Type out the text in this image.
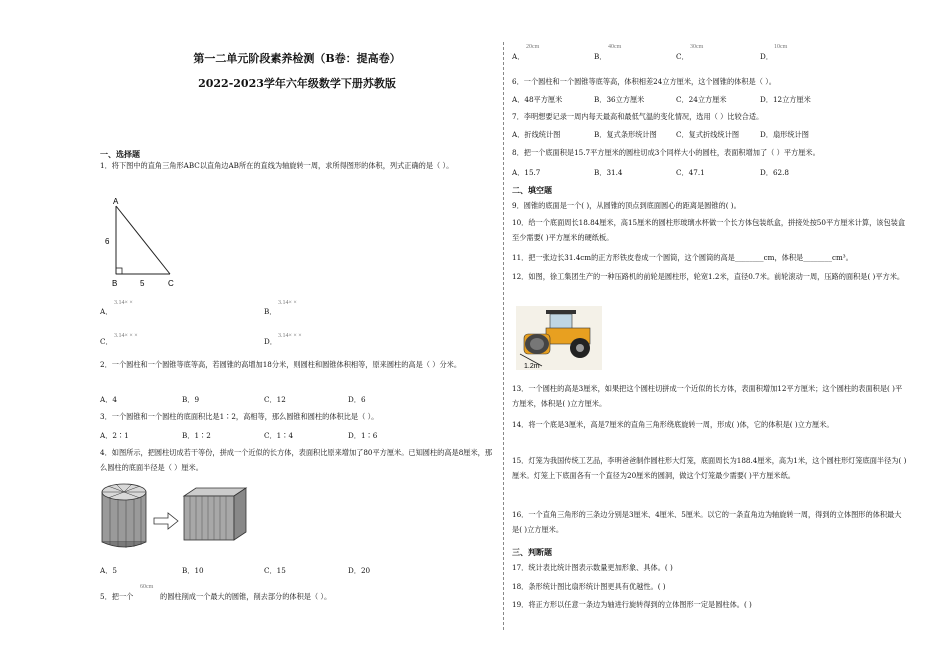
第一二单元阶段素养检测（B卷：提高卷）
2022-2023学年六年级数学下册苏教版
一、选择题
1．将下图中的直角三角形ABC以直角边AB所在的直线为轴旋转一周，求所得图形的体积，列式正确的是（ ）。
A
B	C
6
5
A．
3.14× ×
B．
3.14× ×
C．
3.14× × ×
D．
3.14× × ×
2．一个圆柱和一个圆锥等底等高，若圆锥的高增加18分米，则圆柱和圆锥体积相等，原来圆柱的高是（ ）分米。
A．4	B．9	C．12	D．6
3．一个圆锥和一个圆柱的底面积比是1∶2，高相等，那么圆锥和圆柱的体积比是（ ）。
A．2∶1	B．1∶2	C．1∶4	D．1∶6
4．如图所示，把圆柱切成若干等份，拼成一个近似的长方体，表面积比原来增加了80平方厘米。已知圆柱的高是8厘米，那么圆柱的底面半径是（ ）厘米。
A．5	B．10	C．15	D．20
5．把一个
60cm
的圆柱削成一个最大的圆锥，削去部分的体积是（ ）。
A．
20cm
B．
40cm
C．
30cm
D．
10cm
6．一个圆柱和一个圆锥等底等高，体积相差24立方厘米，这个圆锥的体积是（ ）。
A．48平方厘米	B．36立方厘米	C．24立方厘米	D．12立方厘米
7．李明想要记录一周内每天最高和最低气温的变化情况，选用（ ）比较合适。
A．折线统计图	B．复式条形统计图	C．复式折线统计图	D．扇形统计图
8．把一个底面积是15.7平方厘米的圆柱切成3个同样大小的圆柱，表面积增加了（ ）平方厘米。
A．15.7	B．31.4	C．47.1	D．62.8
二、填空题
9．圆锥的底面是一个( )，从圆锥的顶点到底面圆心的距离是圆锥的( )。
10．给一个底面周长18.84厘米，高15厘米的圆柱形玻璃水杯做一个长方体包装纸盒，拼接处按50平方厘米计算，该包装盒至少需要( )平方厘米的硬纸板。
11．把一张边长31.4cm的正方形铁皮卷成一个圆筒，这个圆筒的高是________cm，体积是________cm³。
12．如图，徐工集团生产的一种压路机的前轮是圆柱形，轮宽1.2米，直径0.7米。前轮滚动一周，压路的面积是( )平方米。
1.2m
13．一个圆柱的高是3厘米，如果把这个圆柱切拼成一个近似的长方体，表面积增加12平方厘米；这个圆柱的表面积是( )平方厘米，体积是( )立方厘米。
14．将一个底是3厘米，高是7厘米的直角三角形绕底旋转一周，形成( )体，它的体积是( )立方厘米。
15．灯笼为我国传统工艺品，李明爸爸制作圆柱形大灯笼，底面周长为188.4厘米，高为1米，这个圆柱形灯笼底面半径为( )厘米。灯笼上下底面各有一个直径为20厘米的圆洞，做这个灯笼最少需要( )平方厘米纸。
16．一个直角三角形的三条边分别是3厘米、4厘米、5厘米。以它的一条直角边为轴旋转一周，得到的立体图形的体积最大是( )立方厘米。
三、判断题
17．统计表比统计图表示数量更加形象、具体。( )
18．条形统计图比扇形统计图更具有优越性。( )
19．将正方形以任意一条边为轴进行旋转得到的立体图形一定是圆柱体。( )
